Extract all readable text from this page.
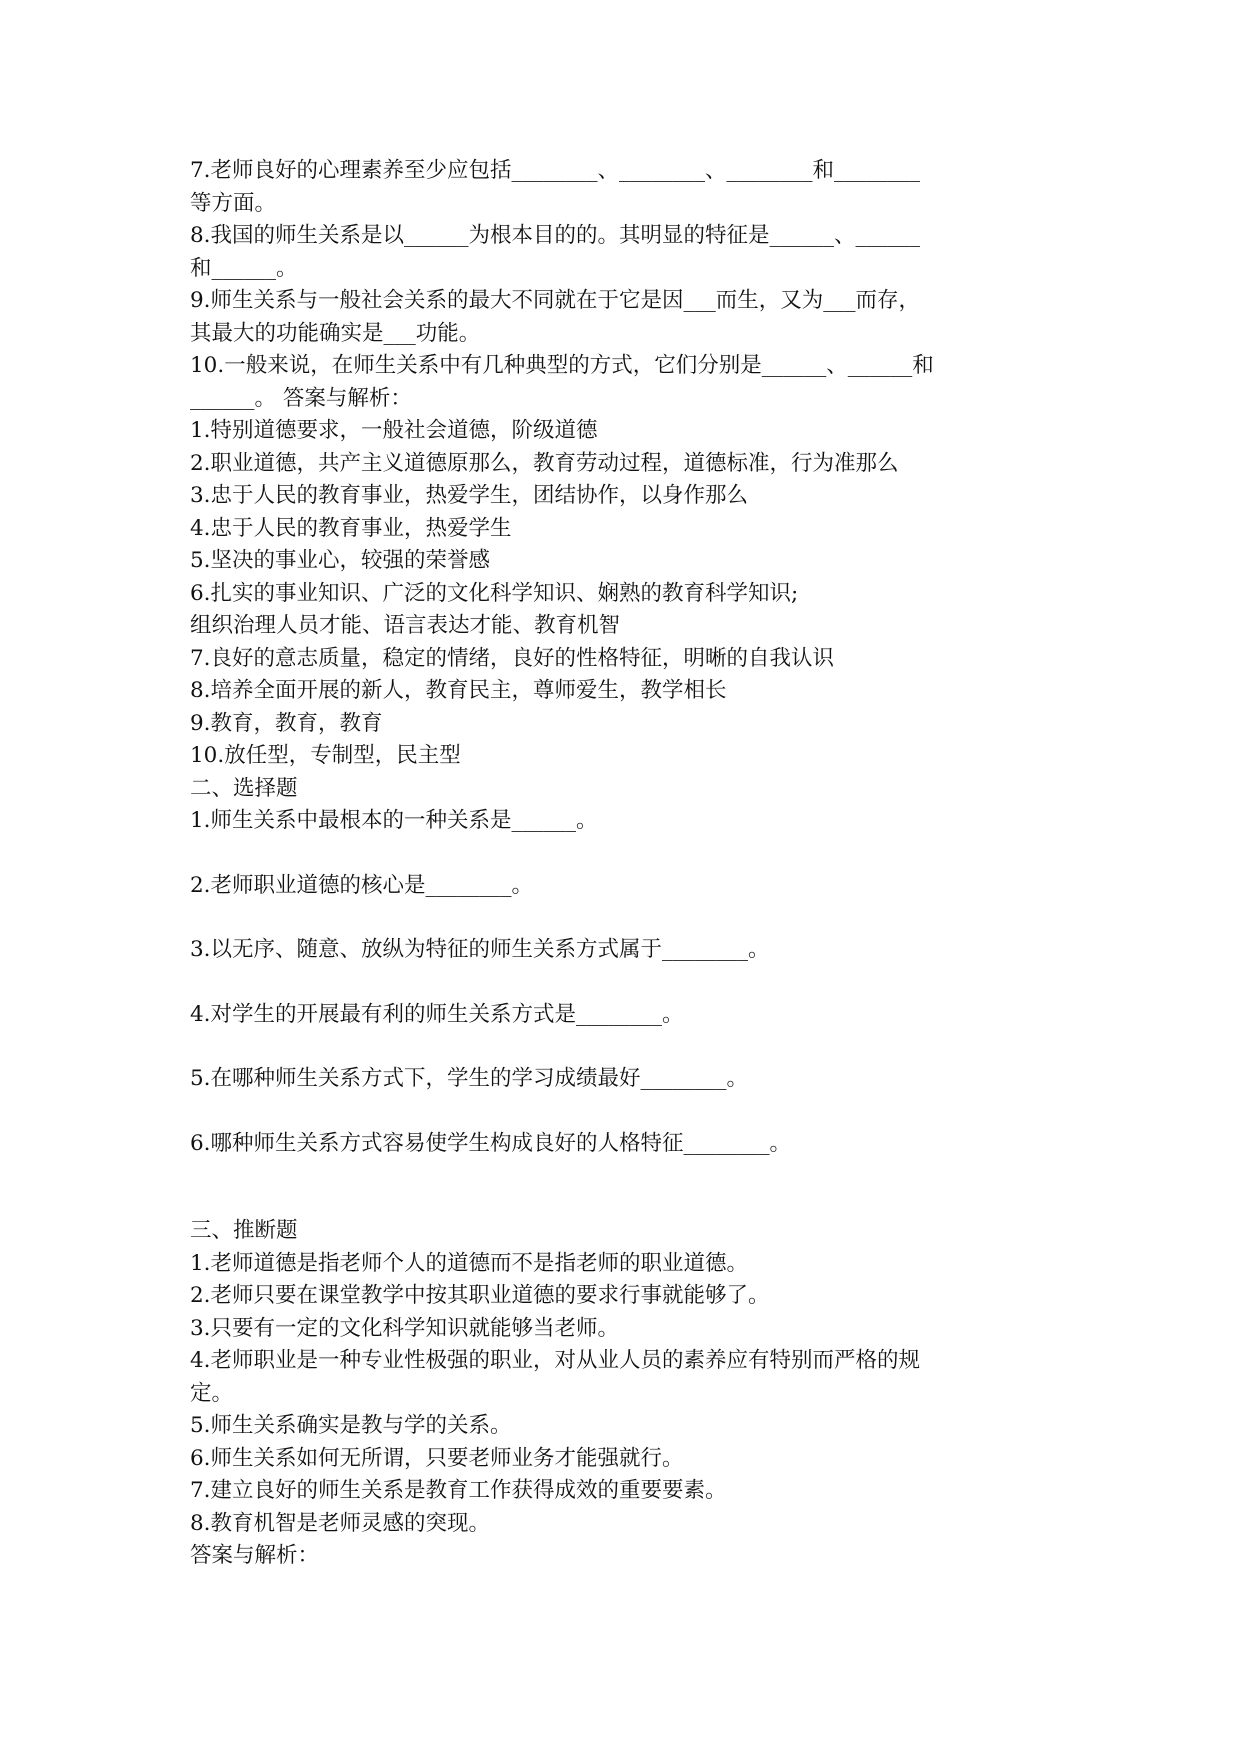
7.老师良好的心理素养至少应包括________、________、________和________
等方面。
8.我国的师生关系是以______为根本目的的。其明显的特征是______、______
和______。
9.师生关系与一般社会关系的最大不同就在于它是因___而生，又为___而存，
其最大的功能确实是___功能。
10.一般来说，在师生关系中有几种典型的方式，它们分别是______、______和
______。 答案与解析：
1.特别道德要求，一般社会道德，阶级道德
2.职业道德，共产主义道德原那么，教育劳动过程，道德标准，行为准那么
3.忠于人民的教育事业，热爱学生，团结协作，以身作那么
4.忠于人民的教育事业，热爱学生
5.坚决的事业心，较强的荣誉感
6.扎实的事业知识、广泛的文化科学知识、娴熟的教育科学知识;
组织治理人员才能、语言表达才能、教育机智
7.良好的意志质量，稳定的情绪，良好的性格特征，明晰的自我认识
8.培养全面开展的新人，教育民主，尊师爱生，教学相长
9.教育，教育，教育
10.放任型，专制型，民主型
二、选择题
1.师生关系中最根本的一种关系是______。
2.老师职业道德的核心是________。
3.以无序、随意、放纵为特征的师生关系方式属于________。
4.对学生的开展最有利的师生关系方式是________。
5.在哪种师生关系方式下，学生的学习成绩最好________。
6.哪种师生关系方式容易使学生构成良好的人格特征________。
三、推断题
1.老师道德是指老师个人的道德而不是指老师的职业道德。
2.老师只要在课堂教学中按其职业道德的要求行事就能够了。
3.只要有一定的文化科学知识就能够当老师。
4.老师职业是一种专业性极强的职业，对从业人员的素养应有特别而严格的规
定。
5.师生关系确实是教与学的关系。
6.师生关系如何无所谓，只要老师业务才能强就行。
7.建立良好的师生关系是教育工作获得成效的重要要素。
8.教育机智是老师灵感的突现。
答案与解析：
